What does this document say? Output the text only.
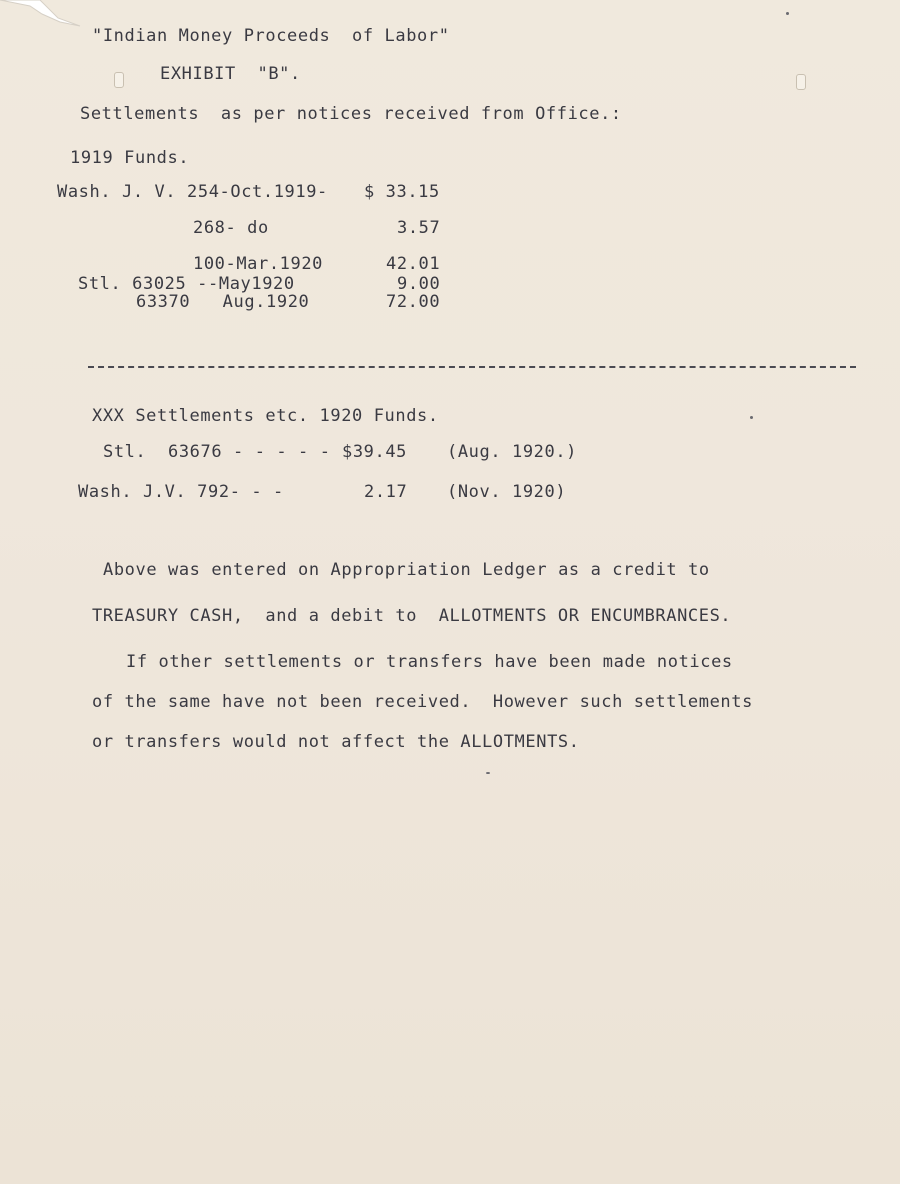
"Indian Money Proceeds  of Labor"
EXHIBIT  "B".
Settlements  as per notices received from Office.:
1919 Funds.
Wash. J. V. 254-Oct.1919- $ 33.15
268- do	3.57
100-Mar.1920	42.01
Stl. 63025 --May1920	9.00
63370   Aug.1920	72.00
XXX Settlements etc. 1920 Funds.
Stl.  63676 - - - - - $39.45 (Aug. 1920.)
Wash. J.V. 792- - -	2.17 (Nov. 1920)
Above was entered on Appropriation Ledger as a credit to
TREASURY CASH,  and a debit to  ALLOTMENTS OR ENCUMBRANCES.
If other settlements or transfers have been made notices
of the same have not been received.  However such settlements
or transfers would not affect the ALLOTMENTS.
